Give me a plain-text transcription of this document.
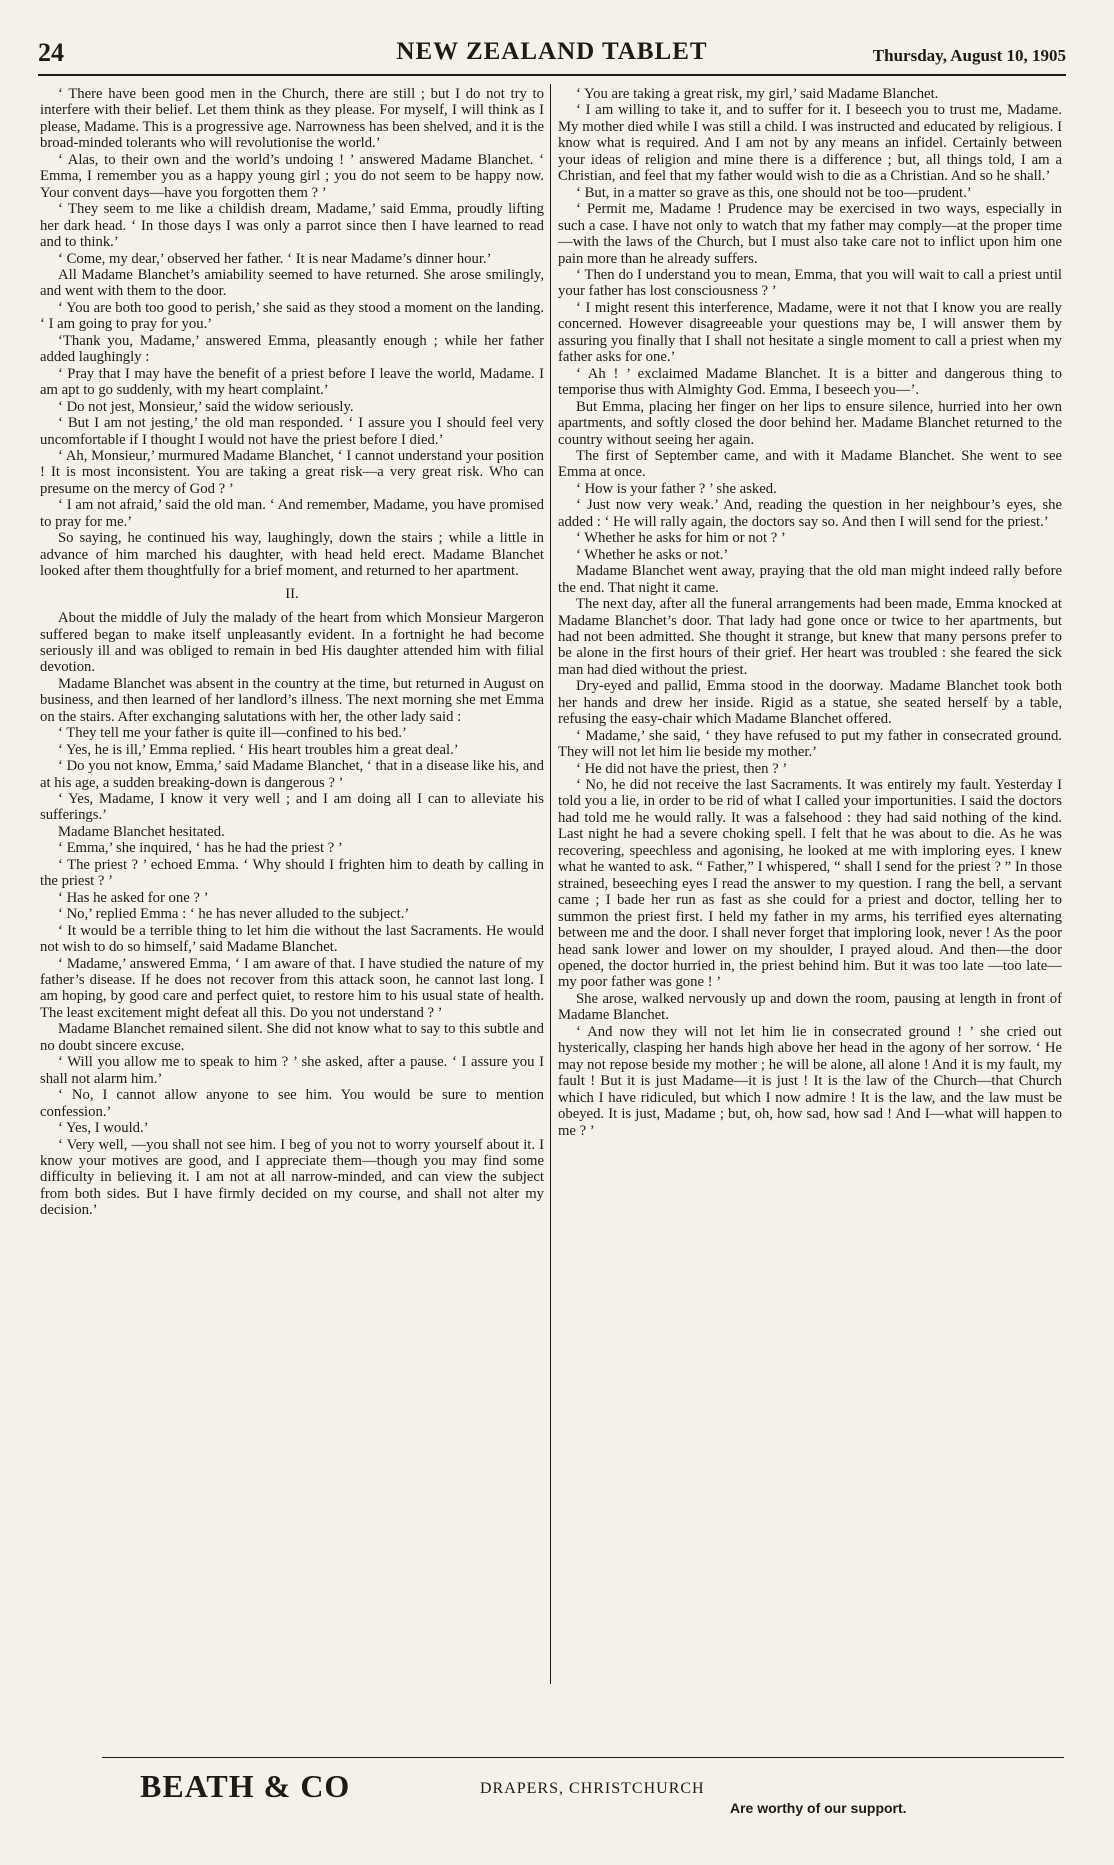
24	NEW ZEALAND TABLET	Thursday, August 10, 1905

‘ There have been good men in the Church, there are still ; but I do not try to interfere with their belief. Let them think as they please. For myself, I will think as I please, Madame. This is a progressive age. Narrowness has been shelved, and it is the broad-minded tolerants who will revolutionise the world.’

‘ Alas, to their own and the world’s undoing ! ’ answered Madame Blanchet. ‘ Emma, I remember you as a happy young girl ; you do not seem to be happy now. Your convent days—have you forgotten them ? ’

‘ They seem to me like a childish dream, Madame,’ said Emma, proudly lifting her dark head. ‘ In those days I was only a parrot since then I have learned to read and to think.’

‘ Come, my dear,’ observed her father. ‘ It is near Madame’s dinner hour.’

All Madame Blanchet’s amiability seemed to have returned. She arose smilingly, and went with them to the door.

‘ You are both too good to perish,’ she said as they stood a moment on the landing. ‘ I am going to pray for you.’

‘Thank you, Madame,’ answered Emma, pleasantly enough ; while her father added laughingly :

‘ Pray that I may have the benefit of a priest before I leave the world, Madame. I am apt to go suddenly, with my heart complaint.’

‘ Do not jest, Monsieur,’ said the widow seriously.

‘ But I am not jesting,’ the old man responded. ‘ I assure you I should feel very uncomfortable if I thought I would not have the priest before I died.’

‘ Ah, Monsieur,’ murmured Madame Blanchet, ‘ I cannot understand your position ! It is most inconsistent. You are taking a great risk—a very great risk. Who can presume on the mercy of God ? ’

‘ I am not afraid,’ said the old man. ‘ And remember, Madame, you have promised to pray for me.’

So saying, he continued his way, laughingly, down the stairs ; while a little in advance of him marched his daughter, with head held erect. Madame Blanchet looked after them thoughtfully for a brief moment, and returned to her apartment.

II.

About the middle of July the malady of the heart from which Monsieur Margeron suffered began to make itself unpleasantly evident. In a fortnight he had become seriously ill and was obliged to remain in bed His daughter attended him with filial devotion.

Madame Blanchet was absent in the country at the time, but returned in August on business, and then learned of her landlord’s illness. The next morning she met Emma on the stairs. After exchanging salutations with her, the other lady said :

‘ They tell me your father is quite ill—confined to his bed.’

‘ Yes, he is ill,’ Emma replied. ‘ His heart troubles him a great deal.’

‘ Do you not know, Emma,’ said Madame Blanchet, ‘ that in a disease like his, and at his age, a sudden breaking-down is dangerous ? ’

‘ Yes, Madame, I know it very well ; and I am doing all I can to alleviate his sufferings.’

Madame Blanchet hesitated.

‘ Emma,’ she inquired, ‘ has he had the priest ? ’

‘ The priest ? ’ echoed Emma. ‘ Why should I frighten him to death by calling in the priest ? ’

‘ Has he asked for one ? ’

‘ No,’ replied Emma : ‘ he has never alluded to the subject.’

‘ It would be a terrible thing to let him die without the last Sacraments. He would not wish to do so himself,’ said Madame Blanchet.

‘ Madame,’ answered Emma, ‘ I am aware of that. I have studied the nature of my father’s disease. If he does not recover from this attack soon, he cannot last long. I am hoping, by good care and perfect quiet, to restore him to his usual state of health. The least excitement might defeat all this. Do you not understand ? ’

Madame Blanchet remained silent. She did not know what to say to this subtle and no doubt sincere excuse.

‘ Will you allow me to speak to him ? ’ she asked, after a pause. ‘ I assure you I shall not alarm him.’

‘ No, I cannot allow anyone to see him. You would be sure to mention confession.’

‘ Yes, I would.’

‘ Very well, —you shall not see him. I beg of you not to worry yourself about it. I know your motives are good, and I appreciate them—though you may find some difficulty in believing it. I am not at all narrow-minded, and can view the subject from both sides. But I have firmly decided on my course, and shall not alter my decision.’

‘ You are taking a great risk, my girl,’ said Madame Blanchet.

‘ I am willing to take it, and to suffer for it. I beseech you to trust me, Madame. My mother died while I was still a child. I was instructed and educated by religious. I know what is required. And I am not by any means an infidel. Certainly between your ideas of religion and mine there is a difference ; but, all things told, I am a Christian, and feel that my father would wish to die as a Christian. And so he shall.’

‘ But, in a matter so grave as this, one should not be too—prudent.’

‘ Permit me, Madame ! Prudence may be exercised in two ways, especially in such a case. I have not only to watch that my father may comply—at the proper time—with the laws of the Church, but I must also take care not to inflict upon him one pain more than he already suffers.

‘ Then do I understand you to mean, Emma, that you will wait to call a priest until your father has lost consciousness ? ’

‘ I might resent this interference, Madame, were it not that I know you are really concerned. However disagreeable your questions may be, I will answer them by assuring you finally that I shall not hesitate a single moment to call a priest when my father asks for one.’

‘ Ah ! ’ exclaimed Madame Blanchet. It is a bitter and dangerous thing to temporise thus with Almighty God. Emma, I beseech you—’.

But Emma, placing her finger on her lips to ensure silence, hurried into her own apartments, and softly closed the door behind her. Madame Blanchet returned to the country without seeing her again.

The first of September came, and with it Madame Blanchet. She went to see Emma at once.

‘ How is your father ? ’ she asked.

‘ Just now very weak.’ And, reading the question in her neighbour’s eyes, she added : ‘ He will rally again, the doctors say so. And then I will send for the priest.’

‘ Whether he asks for him or not ? ’

‘ Whether he asks or not.’

Madame Blanchet went away, praying that the old man might indeed rally before the end. That night it came.

The next day, after all the funeral arrangements had been made, Emma knocked at Madame Blanchet’s door. That lady had gone once or twice to her apartments, but had not been admitted. She thought it strange, but knew that many persons prefer to be alone in the first hours of their grief. Her heart was troubled : she feared the sick man had died without the priest.

Dry-eyed and pallid, Emma stood in the doorway. Madame Blanchet took both her hands and drew her inside. Rigid as a statue, she seated herself by a table, refusing the easy-chair which Madame Blanchet offered.

‘ Madame,’ she said, ‘ they have refused to put my father in consecrated ground. They will not let him lie beside my mother.’

‘ He did not have the priest, then ? ’

‘ No, he did not receive the last Sacraments. It was entirely my fault. Yesterday I told you a lie, in order to be rid of what I called your importunities. I said the doctors had told me he would rally. It was a falsehood : they had said nothing of the kind. Last night he had a severe choking spell. I felt that he was about to die. As he was recovering, speechless and agonising, he looked at me with imploring eyes. I knew what he wanted to ask. “ Father,” I whispered, “ shall I send for the priest ? ” In those strained, beseeching eyes I read the answer to my question. I rang the bell, a servant came ; I bade her run as fast as she could for a priest and doctor, telling her to summon the priest first. I held my father in my arms, his terrified eyes alternating between me and the door. I shall never forget that imploring look, never ! As the poor head sank lower and lower on my shoulder, I prayed aloud. And then—the door opened, the doctor hurried in, the priest behind him. But it was too late —too late—my poor father was gone ! ’

She arose, walked nervously up and down the room, pausing at length in front of Madame Blanchet.

‘ And now they will not let him lie in consecrated ground ! ’ she cried out hysterically, clasping her hands high above her head in the agony of her sorrow. ‘ He may not repose beside my mother ; he will be alone, all alone ! And it is my fault, my fault ! But it is just Madame—it is just ! It is the law of the Church—that Church which I have ridiculed, but which I now admire ! It is the law, and the law must be obeyed. It is just, Madame ; but, oh, how sad, how sad ! And I—what will happen to me ? ’

BEATH & CO	DRAPERS, CHRISTCHURCH
Are worthy of our support.
